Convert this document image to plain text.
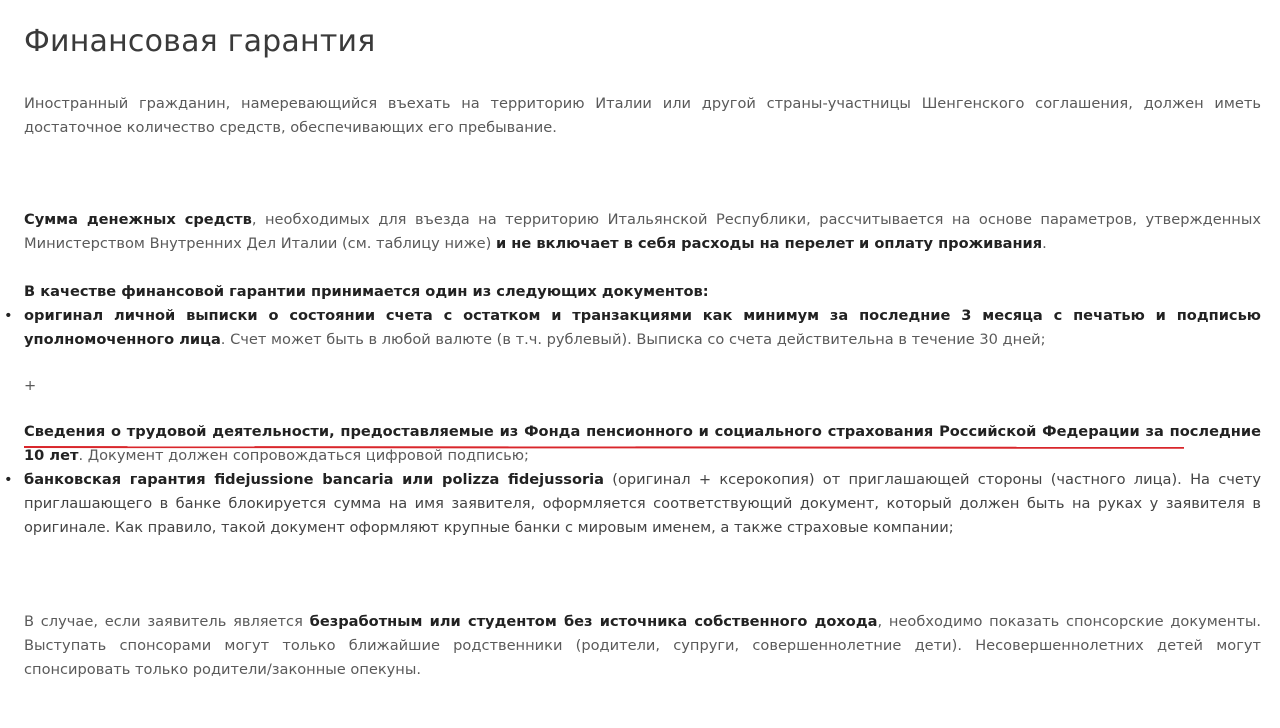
Финансовая гарантия

Иностранный гражданин, намеревающийся въехать на территорию Италии или другой страны-участницы Шенгенского соглашения, должен иметь достаточное количество средств, обеспечивающих его пребывание.

Сумма денежных средств, необходимых для въезда на территорию Итальянской Республики, рассчитывается на основе параметров, утвержденных Министерством Внутренних Дел Италии (см. таблицу ниже) и не включает в себя расходы на перелет и оплату проживания.

В качестве финансовой гарантии принимается один из следующих документов:

• оригинал личной выписки о состоянии счета с остатком и транзакциями как минимум за последние 3 месяца с печатью и подписью уполномоченного лица. Счет может быть в любой валюте (в т.ч. рублевый). Выписка со счета действительна в течение 30 дней;

+

Сведения о трудовой деятельности, предоставляемые из Фонда пенсионного и социального страхования Российской Федерации за последние 10 лет. Документ должен сопровождаться цифровой подписью;

• банковская гарантия fidejussione bancaria или polizza fidejussoria (оригинал + ксерокопия) от приглашающей стороны (частного лица). На счету приглашающего в банке блокируется сумма на имя заявителя, оформляется соответствующий документ, который должен быть на руках у заявителя в оригинале. Как правило, такой документ оформляют крупные банки с мировым именем, а также страховые компании;

В случае, если заявитель является безработным или студентом без источника собственного дохода, необходимо показать спонсорские документы. Выступать спонсорами могут только ближайшие родственники (родители, супруги, совершеннолетние дети). Несовершеннолетних детей могут спонсировать только родители/законные опекуны.
